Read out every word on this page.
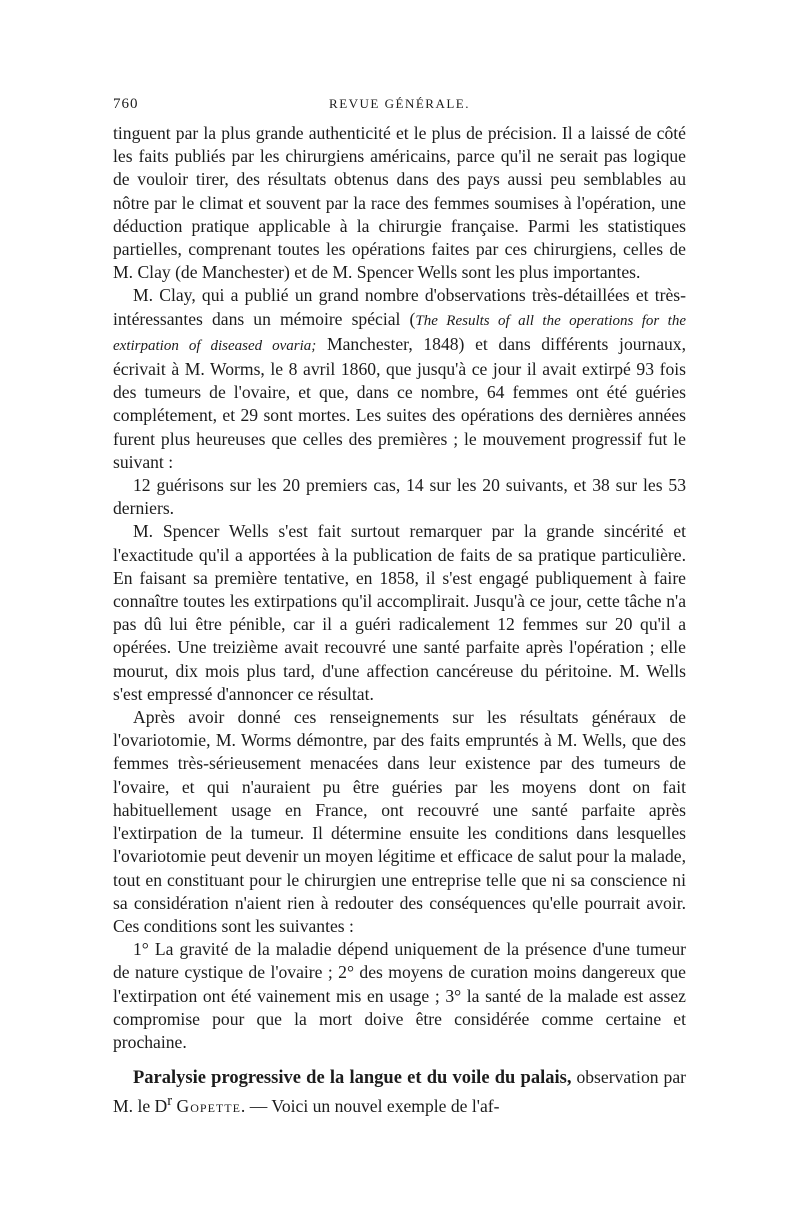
760	REVUE GÉNÉRALE.

tinguent par la plus grande authenticité et le plus de précision. Il a laissé de côté les faits publiés par les chirurgiens américains, parce qu'il ne serait pas logique de vouloir tirer, des résultats obtenus dans des pays aussi peu semblables au nôtre par le climat et souvent par la race des femmes soumises à l'opération, une déduction pratique applicable à la chirurgie française. Parmi les statistiques partielles, comprenant toutes les opérations faites par ces chirurgiens, celles de M. Clay (de Manchester) et de M. Spencer Wells sont les plus importantes.

M. Clay, qui a publié un grand nombre d'observations très-détaillées et très-intéressantes dans un mémoire spécial (The Results of all the operations for the extirpation of diseased ovaria; Manchester, 1848) et dans différents journaux, écrivait à M. Worms, le 8 avril 1860, que jusqu'à ce jour il avait extirpé 93 fois des tumeurs de l'ovaire, et que, dans ce nombre, 64 femmes ont été guéries complétement, et 29 sont mortes. Les suites des opérations des dernières années furent plus heureuses que celles des premières ; le mouvement progressif fut le suivant :

12 guérisons sur les 20 premiers cas, 14 sur les 20 suivants, et 38 sur les 53 derniers.

M. Spencer Wells s'est fait surtout remarquer par la grande sincérité et l'exactitude qu'il a apportées à la publication de faits de sa pratique particulière. En faisant sa première tentative, en 1858, il s'est engagé publiquement à faire connaître toutes les extirpations qu'il accomplirait. Jusqu'à ce jour, cette tâche n'a pas dû lui être pénible, car il a guéri radicalement 12 femmes sur 20 qu'il a opérées. Une treizième avait recouvré une santé parfaite après l'opération ; elle mourut, dix mois plus tard, d'une affection cancéreuse du péritoine. M. Wells s'est empressé d'annoncer ce résultat.

Après avoir donné ces renseignements sur les résultats généraux de l'ovariotomie, M. Worms démontre, par des faits empruntés à M. Wells, que des femmes très-sérieusement menacées dans leur existence par des tumeurs de l'ovaire, et qui n'auraient pu être guéries par les moyens dont on fait habituellement usage en France, ont recouvré une santé parfaite après l'extirpation de la tumeur. Il détermine ensuite les conditions dans lesquelles l'ovariotomie peut devenir un moyen légitime et efficace de salut pour la malade, tout en constituant pour le chirurgien une entreprise telle que ni sa conscience ni sa considération n'aient rien à redouter des conséquences qu'elle pourrait avoir. Ces conditions sont les suivantes :

1° La gravité de la maladie dépend uniquement de la présence d'une tumeur de nature cystique de l'ovaire ; 2° des moyens de curation moins dangereux que l'extirpation ont été vainement mis en usage ; 3° la santé de la malade est assez compromise pour que la mort doive être considérée comme certaine et prochaine.

Paralysie progressive de la langue et du voile du palais, observation par M. le $D^r$ Gopette. — Voici un nouvel exemple de l'af-
